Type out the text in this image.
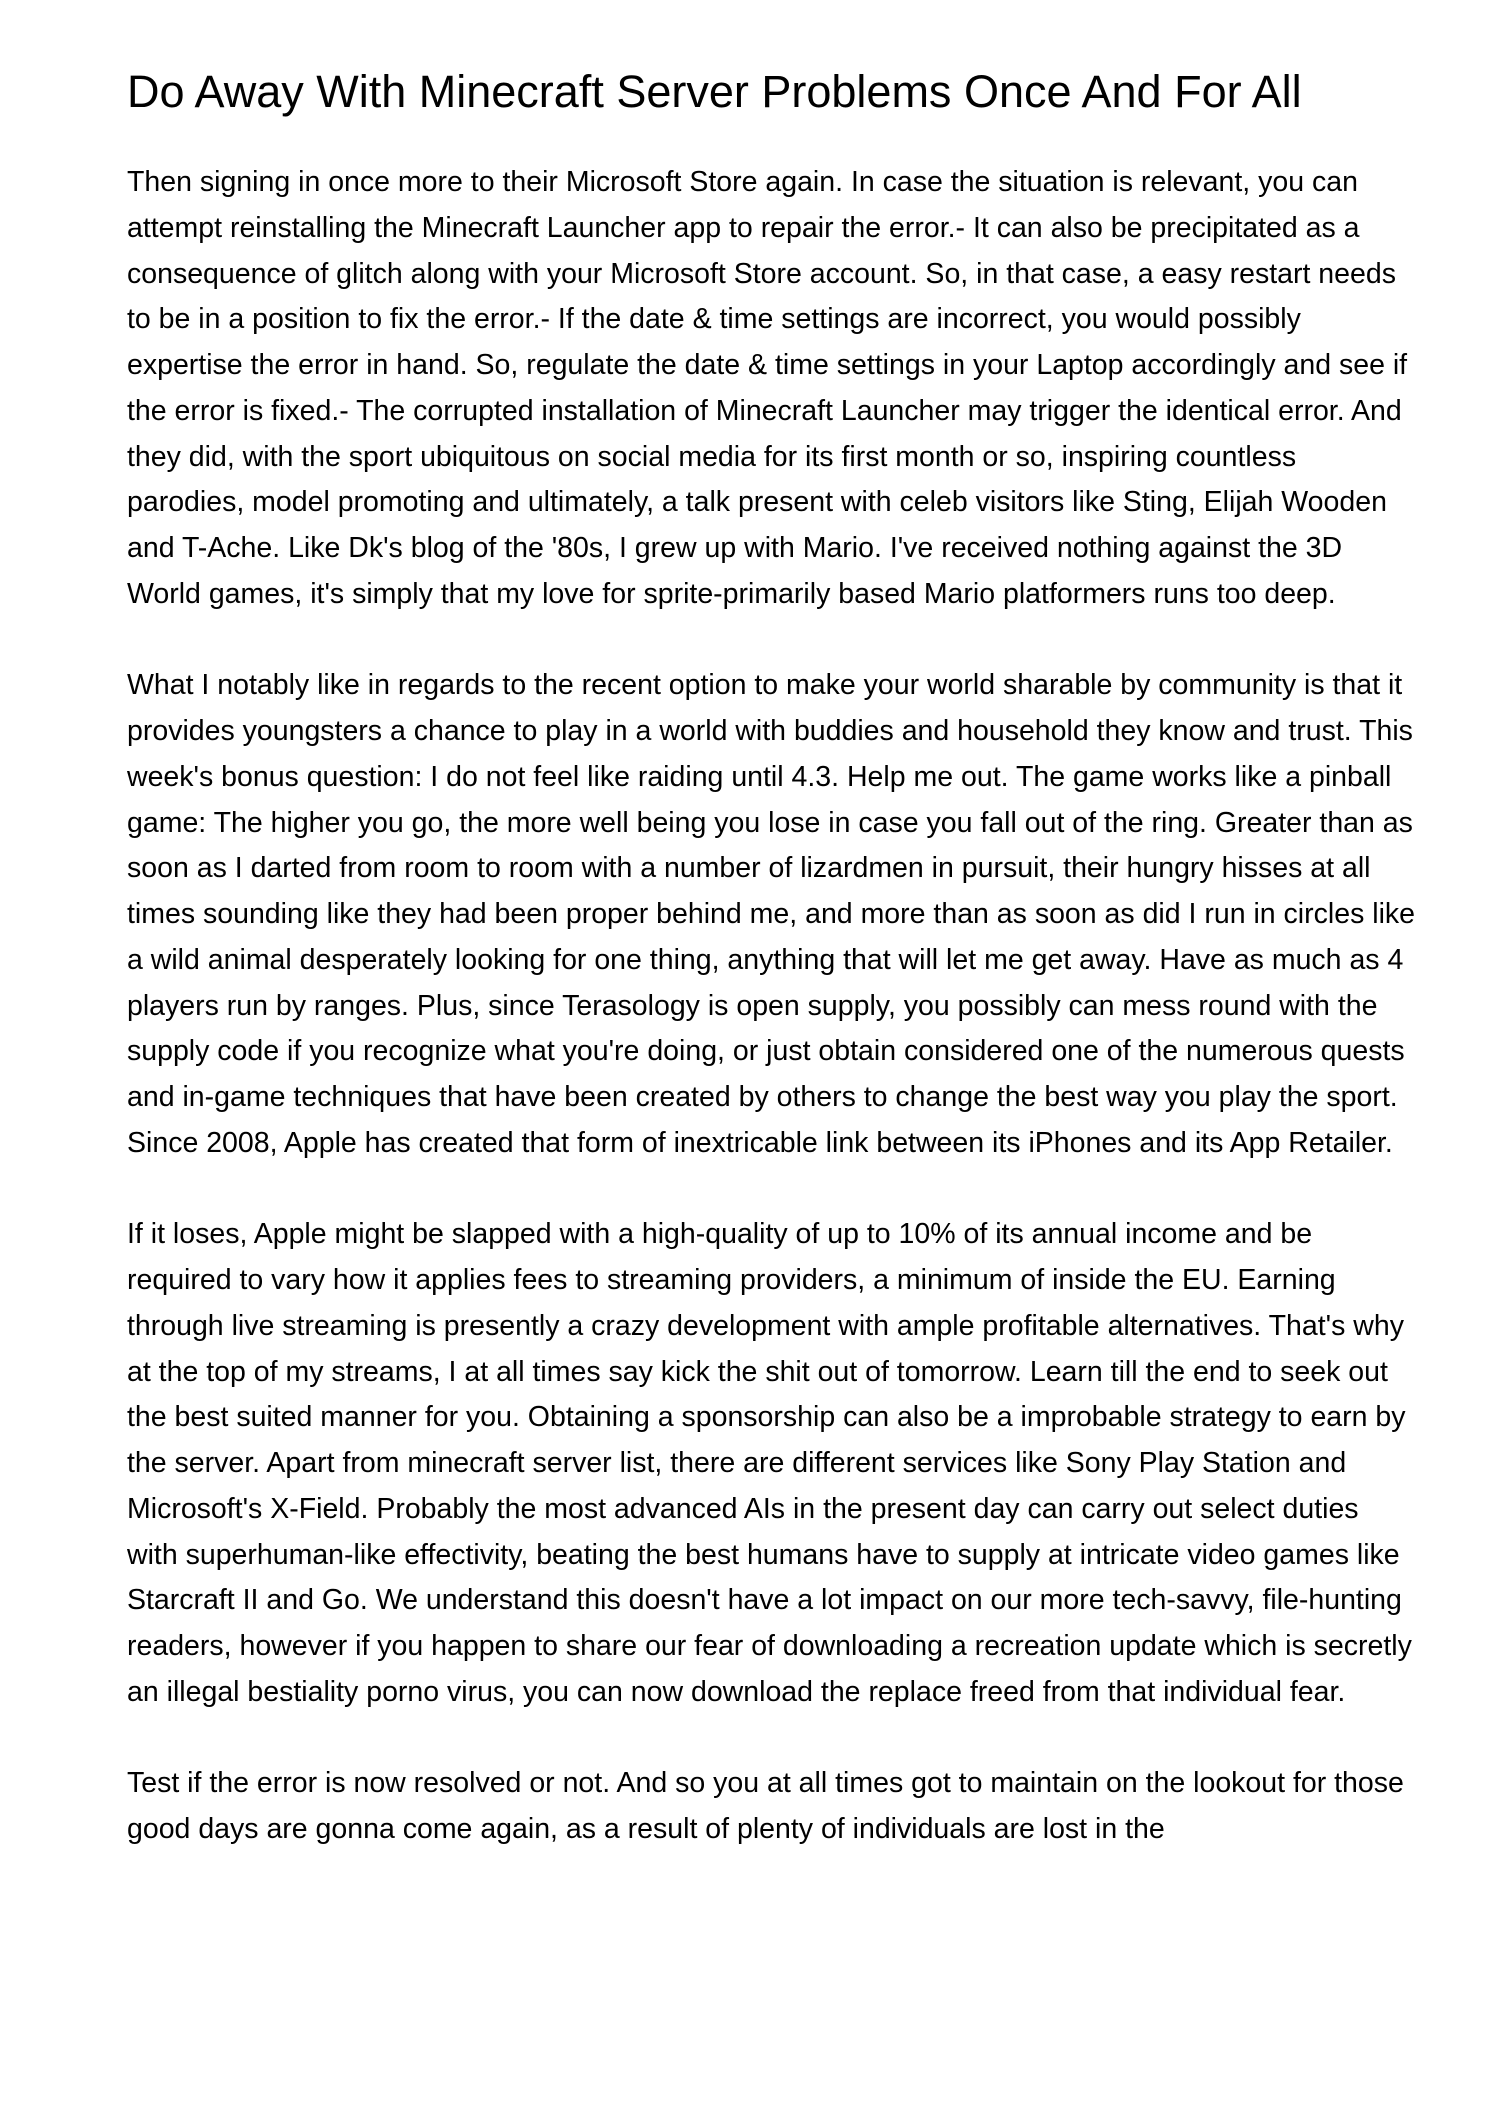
Do Away With Minecraft Server Problems Once And For All

Then signing in once more to their Microsoft Store again. In case the situation is relevant, you can attempt reinstalling the Minecraft Launcher app to repair the error.- It can also be precipitated as a consequence of glitch along with your Microsoft Store account. So, in that case, a easy restart needs to be in a position to fix the error.- If the date & time settings are incorrect, you would possibly expertise the error in hand. So, regulate the date & time settings in your Laptop accordingly and see if the error is fixed.- The corrupted installation of Minecraft Launcher may trigger the identical error. And they did, with the sport ubiquitous on social media for its first month or so, inspiring countless parodies, model promoting and ultimately, a talk present with celeb visitors like Sting, Elijah Wooden and T-Ache. Like Dk's blog of the '80s, I grew up with Mario. I've received nothing against the 3D World games, it's simply that my love for sprite-primarily based Mario platformers runs too deep.

What I notably like in regards to the recent option to make your world sharable by community is that it provides youngsters a chance to play in a world with buddies and household they know and trust. This week's bonus question: I do not feel like raiding until 4.3. Help me out. The game works like a pinball game: The higher you go, the more well being you lose in case you fall out of the ring. Greater than as soon as I darted from room to room with a number of lizardmen in pursuit, their hungry hisses at all times sounding like they had been proper behind me, and more than as soon as did I run in circles like a wild animal desperately looking for one thing, anything that will let me get away. Have as much as 4 players run by ranges. Plus, since Terasology is open supply, you possibly can mess round with the supply code if you recognize what you're doing, or just obtain considered one of the numerous quests and in-game techniques that have been created by others to change the best way you play the sport. Since 2008, Apple has created that form of inextricable link between its iPhones and its App Retailer.

If it loses, Apple might be slapped with a high-quality of up to 10% of its annual income and be required to vary how it applies fees to streaming providers, a minimum of inside the EU. Earning through live streaming is presently a crazy development with ample profitable alternatives. That's why at the top of my streams, I at all times say kick the shit out of tomorrow. Learn till the end to seek out the best suited manner for you. Obtaining a sponsorship can also be a improbable strategy to earn by the server. Apart from minecraft server list, there are different services like Sony Play Station and Microsoft's X-Field. Probably the most advanced AIs in the present day can carry out select duties with superhuman-like effectivity, beating the best humans have to supply at intricate video games like Starcraft II and Go. We understand this doesn't have a lot impact on our more tech-savvy, file-hunting readers, however if you happen to share our fear of downloading a recreation update which is secretly an illegal bestiality porno virus, you can now download the replace freed from that individual fear.

Test if the error is now resolved or not. And so you at all times got to maintain on the lookout for those good days are gonna come again, as a result of plenty of individuals are lost in the
